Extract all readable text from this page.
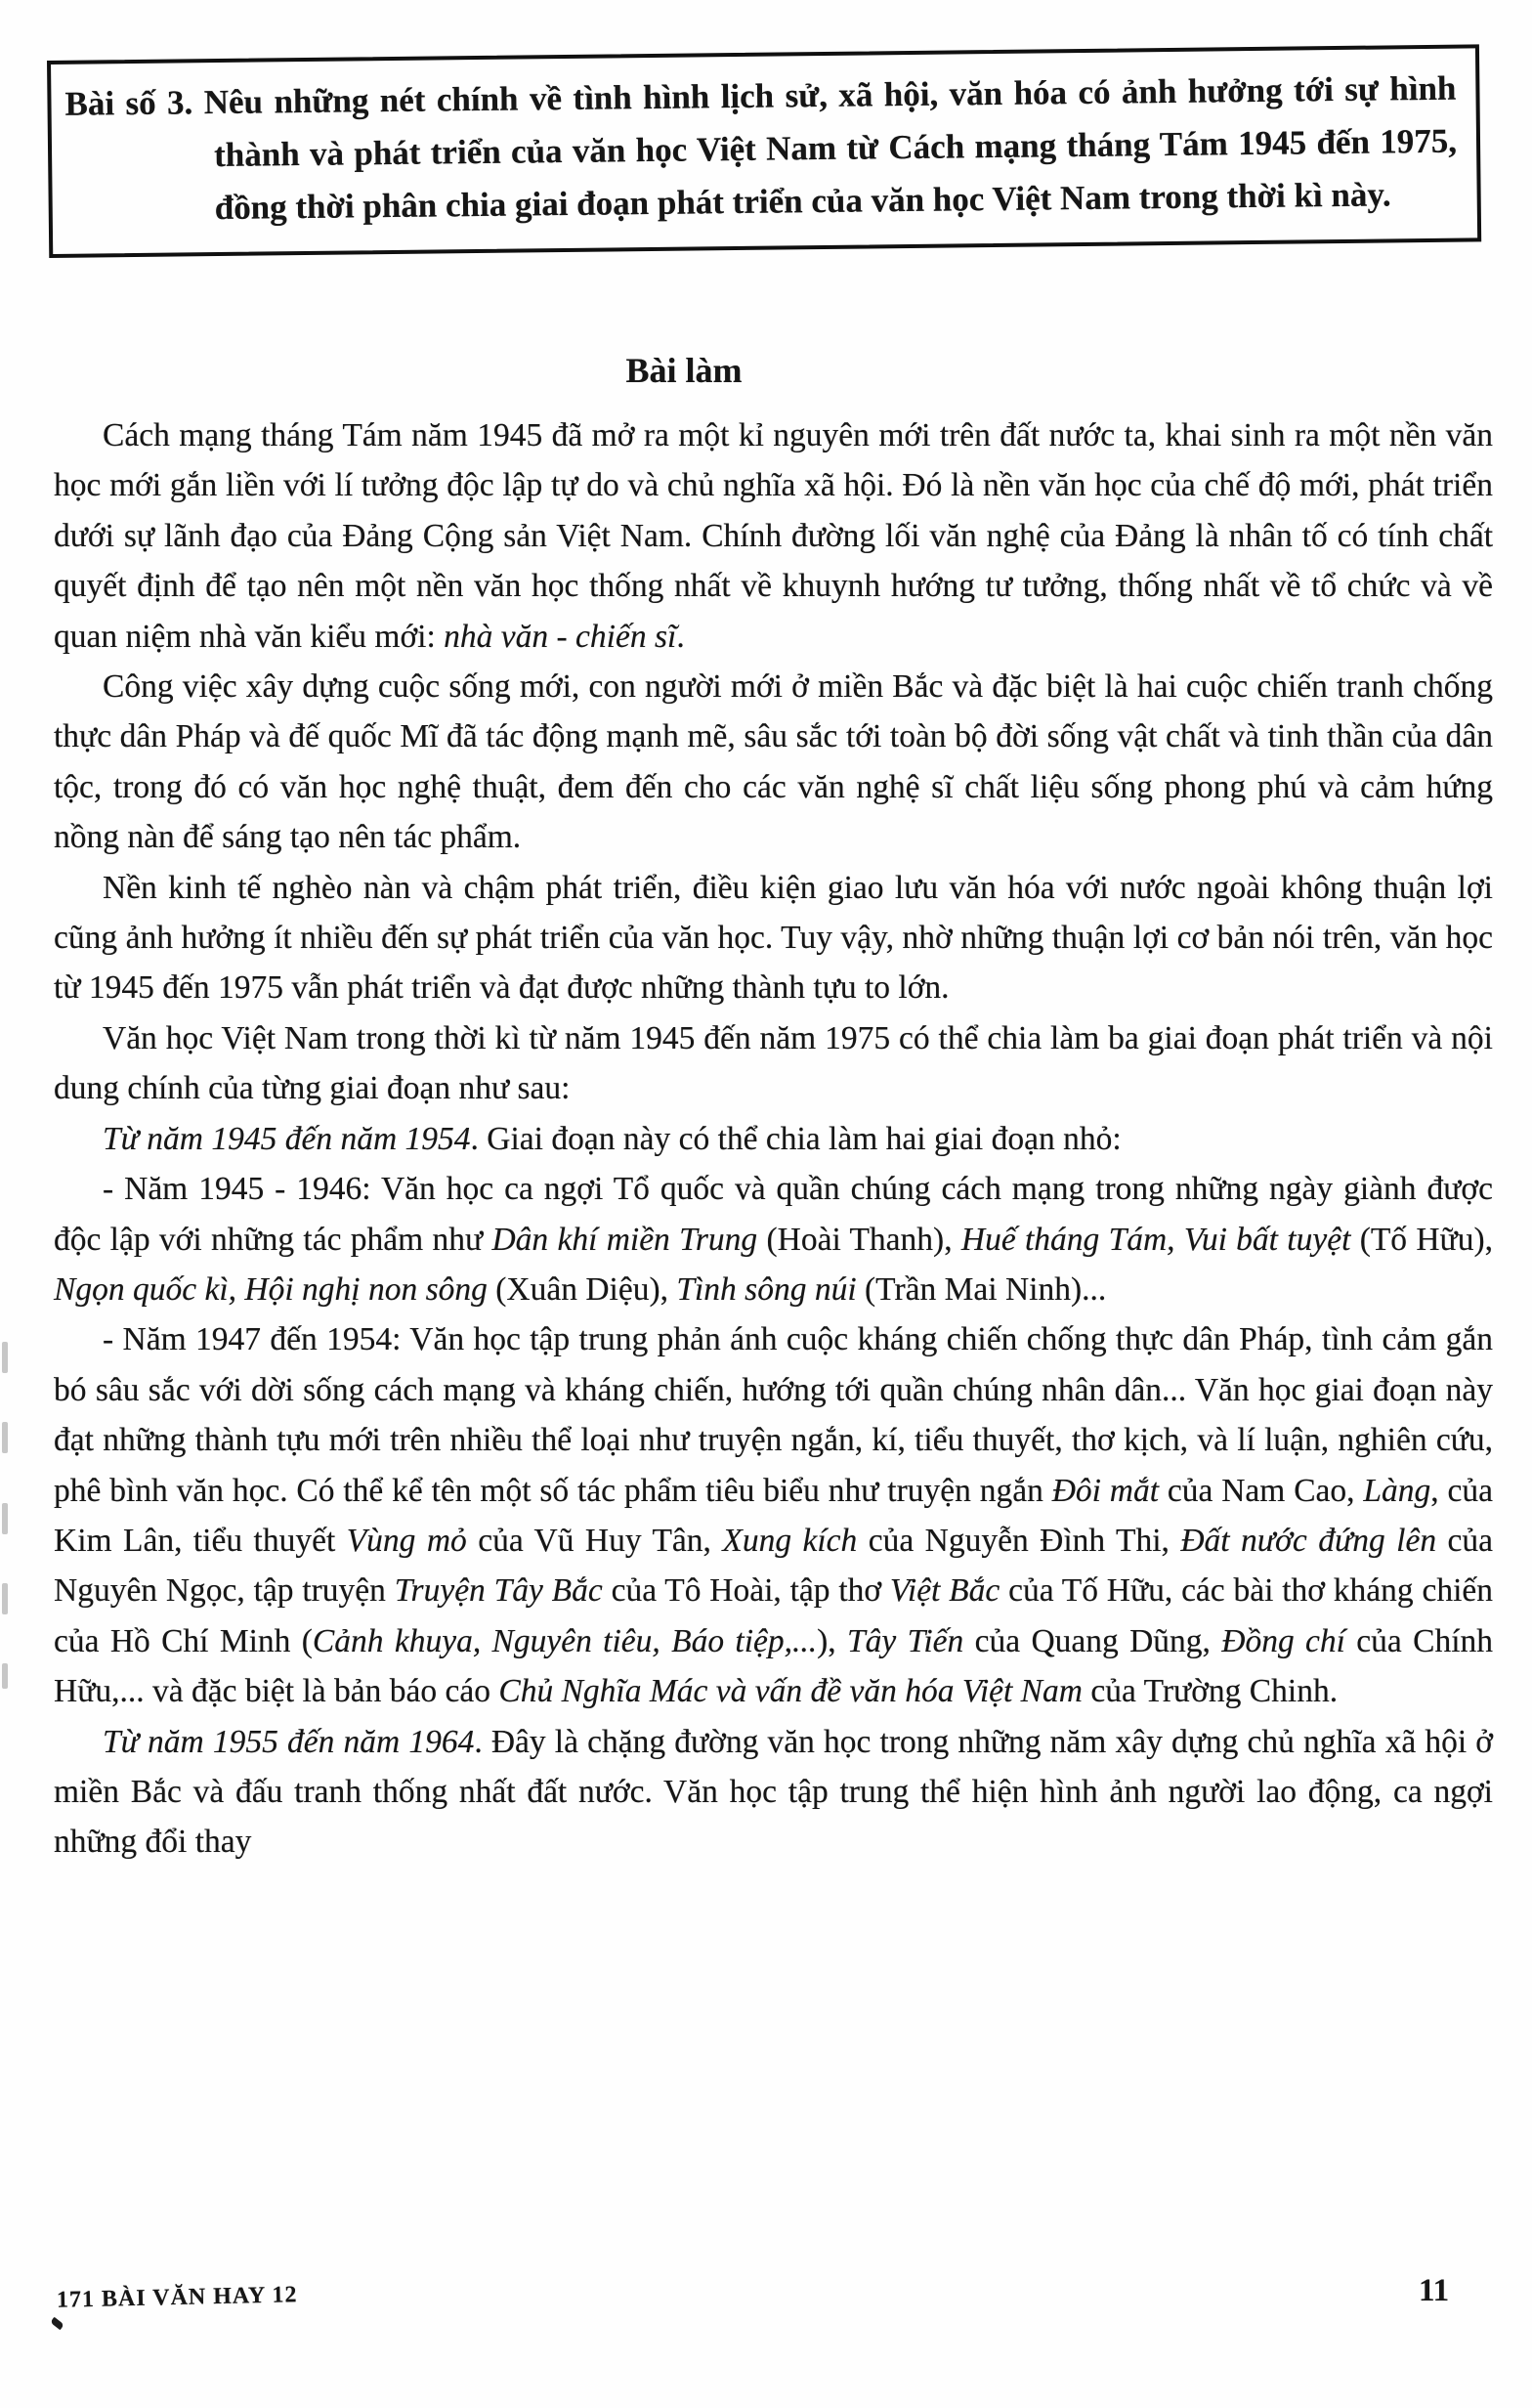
Bài số 3. Nêu những nét chính về tình hình lịch sử, xã hội, văn hóa có ảnh hưởng tới sự hình thành và phát triển của văn học Việt Nam từ Cách mạng tháng Tám 1945 đến 1975, đồng thời phân chia giai đoạn phát triển của văn học Việt Nam trong thời kì này.

Bài làm

Cách mạng tháng Tám năm 1945 đã mở ra một kỉ nguyên mới trên đất nước ta, khai sinh ra một nền văn học mới gắn liền với lí tưởng độc lập tự do và chủ nghĩa xã hội. Đó là nền văn học của chế độ mới, phát triển dưới sự lãnh đạo của Đảng Cộng sản Việt Nam. Chính đường lối văn nghệ của Đảng là nhân tố có tính chất quyết định để tạo nên một nền văn học thống nhất về khuynh hướng tư tưởng, thống nhất về tổ chức và về quan niệm nhà văn kiểu mới: nhà văn - chiến sĩ.

Công việc xây dựng cuộc sống mới, con người mới ở miền Bắc và đặc biệt là hai cuộc chiến tranh chống thực dân Pháp và đế quốc Mĩ đã tác động mạnh mẽ, sâu sắc tới toàn bộ đời sống vật chất và tinh thần của dân tộc, trong đó có văn học nghệ thuật, đem đến cho các văn nghệ sĩ chất liệu sống phong phú và cảm hứng nồng nàn để sáng tạo nên tác phẩm.

Nền kinh tế nghèo nàn và chậm phát triển, điều kiện giao lưu văn hóa với nước ngoài không thuận lợi cũng ảnh hưởng ít nhiều đến sự phát triển của văn học. Tuy vậy, nhờ những thuận lợi cơ bản nói trên, văn học từ 1945 đến 1975 vẫn phát triển và đạt được những thành tựu to lớn.

Văn học Việt Nam trong thời kì từ năm 1945 đến năm 1975 có thể chia làm ba giai đoạn phát triển và nội dung chính của từng giai đoạn như sau:

Từ năm 1945 đến năm 1954. Giai đoạn này có thể chia làm hai giai đoạn nhỏ:

- Năm 1945 - 1946: Văn học ca ngợi Tổ quốc và quần chúng cách mạng trong những ngày giành được độc lập với những tác phẩm như Dân khí miền Trung (Hoài Thanh), Huế tháng Tám, Vui bất tuyệt (Tố Hữu), Ngọn quốc kì, Hội nghị non sông (Xuân Diệu), Tình sông núi (Trần Mai Ninh)...

- Năm 1947 đến 1954: Văn học tập trung phản ánh cuộc kháng chiến chống thực dân Pháp, tình cảm gắn bó sâu sắc với dời sống cách mạng và kháng chiến, hướng tới quần chúng nhân dân... Văn học giai đoạn này đạt những thành tựu mới trên nhiều thể loại như truyện ngắn, kí, tiểu thuyết, thơ kịch, và lí luận, nghiên cứu, phê bình văn học. Có thể kể tên một số tác phẩm tiêu biểu như truyện ngắn Đôi mắt của Nam Cao, Làng, của Kim Lân, tiểu thuyết Vùng mỏ của Vũ Huy Tân, Xung kích của Nguyễn Đình Thi, Đất nước đứng lên của Nguyên Ngọc, tập truyện Truyện Tây Bắc của Tô Hoài, tập thơ Việt Bắc của Tố Hữu, các bài thơ kháng chiến của Hồ Chí Minh (Cảnh khuya, Nguyên tiêu, Báo tiệp,...), Tây Tiến của Quang Dũng, Đồng chí của Chính Hữu,... và đặc biệt là bản báo cáo Chủ Nghĩa Mác và vấn đề văn hóa Việt Nam của Trường Chinh.

Từ năm 1955 đến năm 1964. Đây là chặng đường văn học trong những năm xây dựng chủ nghĩa xã hội ở miền Bắc và đấu tranh thống nhất đất nước. Văn học tập trung thể hiện hình ảnh người lao động, ca ngợi những đổi thay

171 BÀI VĂN HAY 12	11
